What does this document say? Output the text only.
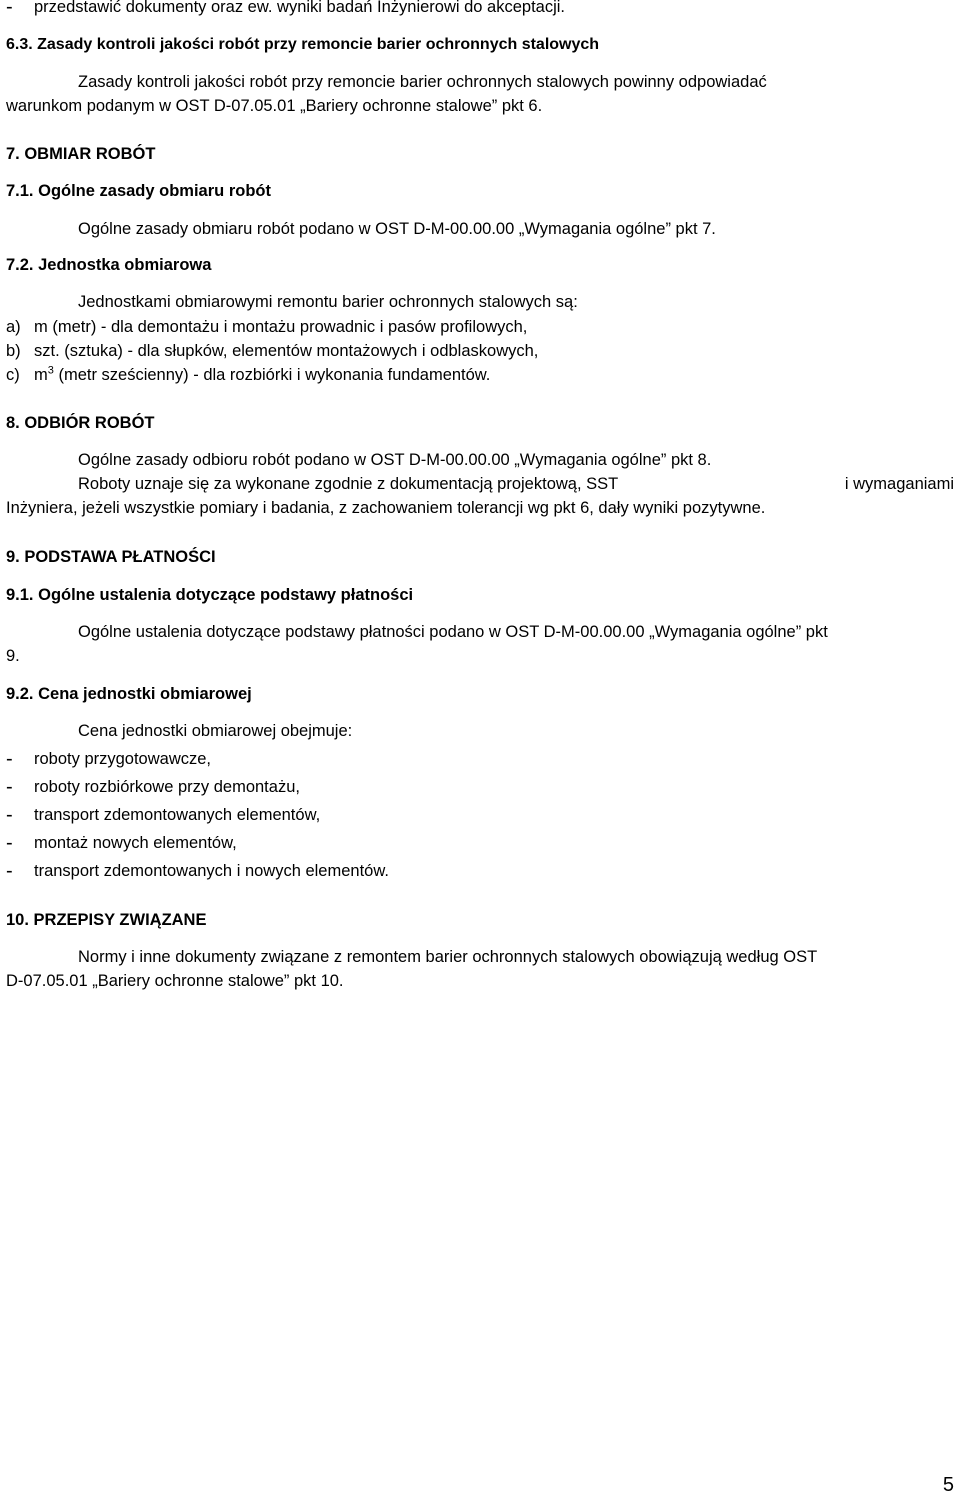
- przedstawić dokumenty oraz ew. wyniki badań Inżynierowi do akceptacji.
6.3. Zasady kontroli jakości robót przy remoncie barier ochronnych stalowych
Zasady kontroli jakości robót przy remoncie barier ochronnych stalowych powinny odpowiadać
warunkom podanym w OST D-07.05.01 „Bariery ochronne stalowe” pkt 6.
7. OBMIAR ROBÓT
7.1. Ogólne zasady obmiaru robót
Ogólne zasady obmiaru robót podano w OST D-M-00.00.00 „Wymagania ogólne” pkt 7.
7.2. Jednostka obmiarowa
Jednostkami obmiarowymi remontu barier ochronnych stalowych są:
a) m (metr) - dla demontażu i montażu prowadnic i pasów profilowych,
b) szt. (sztuka) - dla słupków, elementów montażowych i odblaskowych,
c) $m^3$ (metr sześcienny) - dla rozbiórki i wykonania fundamentów.
8. ODBIÓR ROBÓT
Ogólne zasady odbioru robót podano w OST D-M-00.00.00 „Wymagania ogólne” pkt 8.
Roboty uznaje się za wykonane zgodnie z dokumentacją projektową, SST	i wymaganiami
Inżyniera, jeżeli wszystkie pomiary i badania, z zachowaniem tolerancji wg pkt 6, dały wyniki pozytywne.
9. PODSTAWA PŁATNOŚCI
9.1. Ogólne ustalenia dotyczące podstawy płatności
Ogólne ustalenia dotyczące podstawy płatności podano w OST D-M-00.00.00 „Wymagania ogólne” pkt
9.
9.2. Cena jednostki obmiarowej
Cena jednostki obmiarowej obejmuje:
- roboty przygotowawcze,
- roboty rozbiórkowe przy demontażu,
- transport zdemontowanych elementów,
- montaż nowych elementów,
- transport zdemontowanych i nowych elementów.
10. PRZEPISY ZWIĄZANE
Normy i inne dokumenty związane z remontem barier ochronnych stalowych obowiązują według OST
D-07.05.01 „Bariery ochronne stalowe” pkt 10.
5
